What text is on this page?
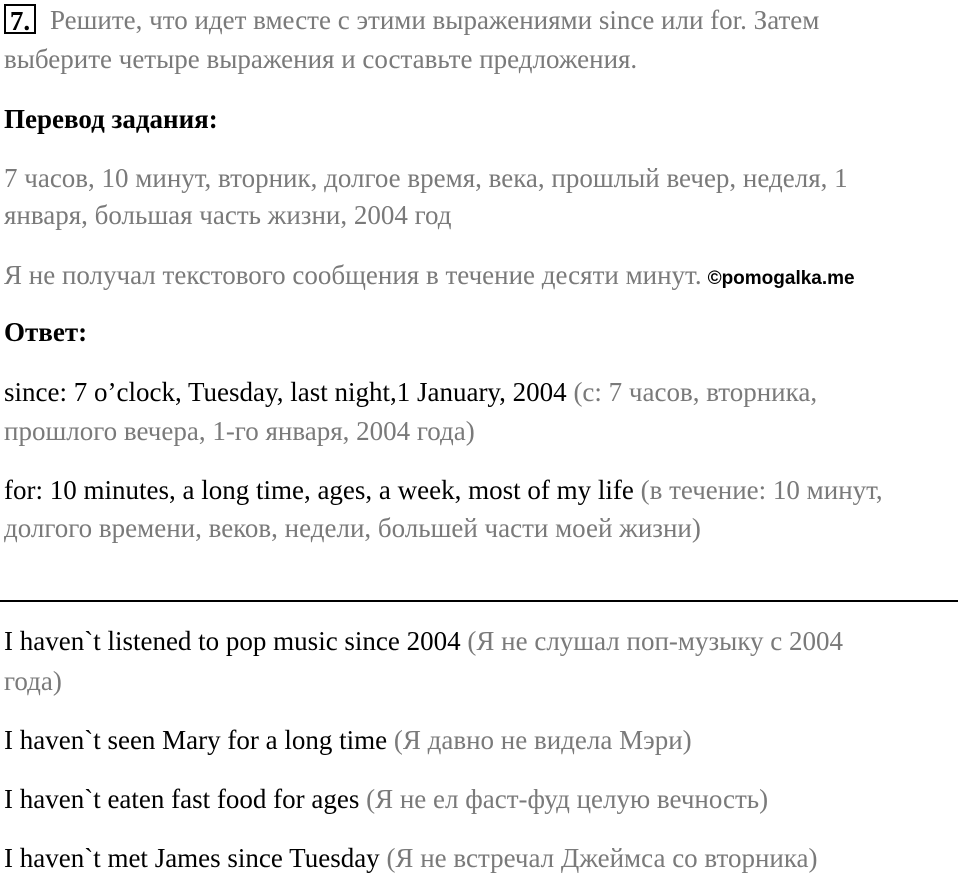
7. Решите, что идет вместе с этими выражениями since или for. Затем
выберите четыре выражения и составьте предложения.
Перевод задания:
7 часов, 10 минут, вторник, долгое время, века, прошлый вечер, неделя, 1
января, большая часть жизни, 2004 год
Я не получал текстового сообщения в течение десяти минут. ©pomogalka.me
Ответ:
since: 7 o’clock, Tuesday, last night,1 January, 2004 (с: 7 часов, вторника,
прошлого вечера, 1-го января, 2004 года)
for: 10 minutes, a long time, ages, a week, most of my life (в течение: 10 минут,
долгого времени, веков, недели, большей части моей жизни)
I haven`t listened to pop music since 2004 (Я не слушал поп-музыку с 2004
года)
I haven`t seen Mary for a long time (Я давно не видела Мэри)
I haven`t eaten fast food for ages (Я не ел фаст-фуд целую вечность)
I haven`t met James since Tuesday (Я не встречал Джеймса со вторника)
